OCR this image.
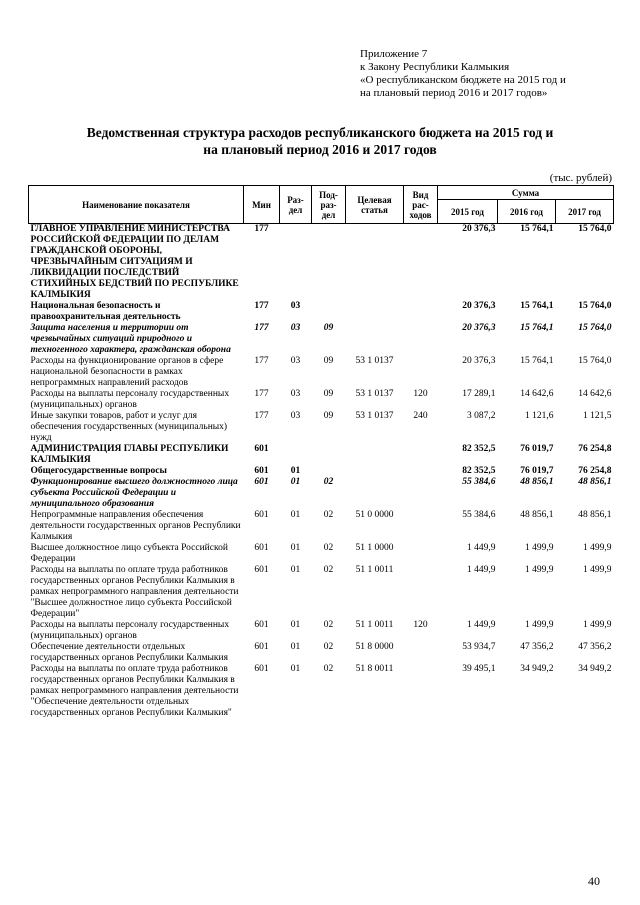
Приложение 7
к Закону Республики Калмыкия
«О республиканском бюджете на 2015 год и
на плановый период 2016 и 2017 годов»
Ведомственная структура расходов республиканского бюджета на 2015 год и
на плановый период 2016 и 2017 годов
(тыс. рублей)
Наименование показателя	Мин	Раз- дел	Под- раз- дел	Целевая статья	Вид рас- ходов	Сумма		
						2015 год	2016 год	2017 год
ГЛАВНОЕ УПРАВЛЕНИЕ МИНИСТЕРСТВА РОССИЙСКОЙ ФЕДЕРАЦИИ ПО ДЕЛАМ ГРАЖДАНСКОЙ ОБОРОНЫ, ЧРЕЗВЫЧАЙНЫМ СИТУАЦИЯМ И ЛИКВИДАЦИИ ПОСЛЕДСТВИЙ СТИХИЙНЫХ БЕДСТВИЙ ПО РЕСПУБЛИКЕ КАЛМЫКИЯ	177					20 376,3	15 764,1	15 764,0
Национальная безопасность и правоохранительная деятельность	177	03				20 376,3	15 764,1	15 764,0
Защита населения и территории от чрезвычайных ситуаций природного и техногенного характера, гражданская оборона	177	03	09			20 376,3	15 764,1	15 764,0
Расходы на функционирование органов в сфере национальной безопасности в рамках непрограммных направлений расходов	177	03	09	53 1 0137		20 376,3	15 764,1	15 764,0
Расходы на выплаты персоналу государственных (муниципальных) органов	177	03	09	53 1 0137	120	17 289,1	14 642,6	14 642,6
Иные закупки товаров, работ и услуг для обеспечения государственных (муниципальных) нужд	177	03	09	53 1 0137	240	3 087,2	1 121,6	1 121,5
АДМИНИСТРАЦИЯ ГЛАВЫ РЕСПУБЛИКИ КАЛМЫКИЯ	601					82 352,5	76 019,7	76 254,8
Общегосударственные вопросы	601	01				82 352,5	76 019,7	76 254,8
Функционирование высшего должностного лица субъекта Российской Федерации и муниципального образования	601	01	02			55 384,6	48 856,1	48 856,1
Непрограммные направления обеспечения деятельности государственных органов Республики Калмыкия	601	01	02	51 0 0000		55 384,6	48 856,1	48 856,1
Высшее должностное лицо субъекта Российской Федерации	601	01	02	51 1 0000		1 449,9	1 499,9	1 499,9
Расходы на выплаты по оплате труда работников государственных органов Республики Калмыкия в рамках непрограммного направления деятельности "Высшее должностное лицо субъекта Российской Федерации"	601	01	02	51 1 0011		1 449,9	1 499,9	1 499,9
Расходы на выплаты персоналу государственных (муниципальных) органов	601	01	02	51 1 0011	120	1 449,9	1 499,9	1 499,9
Обеспечение деятельности отдельных государственных органов Республики Калмыкия	601	01	02	51 8 0000		53 934,7	47 356,2	47 356,2
Расходы на выплаты по оплате труда работников государственных органов Республики Калмыкия в рамках непрограммного направления деятельности "Обеспечение деятельности отдельных государственных органов Республики Калмыкия"	601	01	02	51 8 0011		39 495,1	34 949,2	34 949,2
40
